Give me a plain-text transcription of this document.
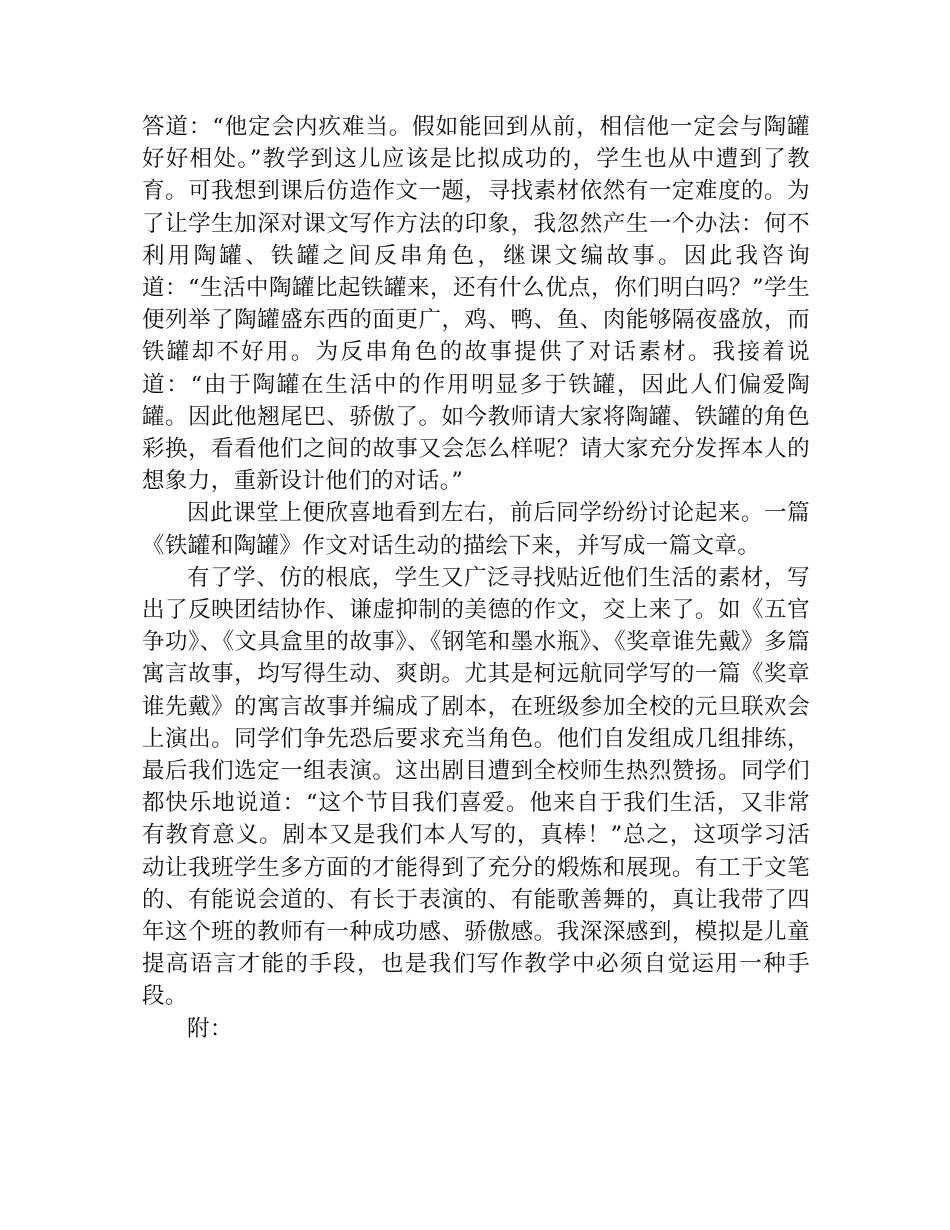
答道：“他定会内疚难当。假如能回到从前，相信他一定会与陶罐好好相处。”教学到这儿应该是比拟成功的，学生也从中遭到了教育。可我想到课后仿造作文一题，寻找素材依然有一定难度的。为了让学生加深对课文写作方法的印象，我忽然产生一个办法：何不利用陶罐、铁罐之间反串角色，继课文编故事。因此我咨询道：“生活中陶罐比起铁罐来，还有什么优点，你们明白吗？”学生便列举了陶罐盛东西的面更广，鸡、鸭、鱼、肉能够隔夜盛放，而铁罐却不好用。为反串角色的故事提供了对话素材。我接着说道：“由于陶罐在生活中的作用明显多于铁罐，因此人们偏爱陶罐。因此他翘尾巴、骄傲了。如今教师请大家将陶罐、铁罐的角色彩换，看看他们之间的故事又会怎么样呢？请大家充分发挥本人的想象力，重新设计他们的对话。”

因此课堂上便欣喜地看到左右，前后同学纷纷讨论起来。一篇《铁罐和陶罐》作文对话生动的描绘下来，并写成一篇文章。

有了学、仿的根底，学生又广泛寻找贴近他们生活的素材，写出了反映团结协作、谦虚抑制的美德的作文，交上来了。如《五官争功》、《文具盒里的故事》、《钢笔和墨水瓶》、《奖章谁先戴》多篇寓言故事，均写得生动、爽朗。尤其是柯远航同学写的一篇《奖章谁先戴》的寓言故事并编成了剧本，在班级参加全校的元旦联欢会上演出。同学们争先恐后要求充当角色。他们自发组成几组排练，最后我们选定一组表演。这出剧目遭到全校师生热烈赞扬。同学们都快乐地说道：“这个节目我们喜爱。他来自于我们生活，又非常有教育意义。剧本又是我们本人写的，真棒！”总之，这项学习活动让我班学生多方面的才能得到了充分的煅炼和展现。有工于文笔的、有能说会道的、有长于表演的、有能歌善舞的，真让我带了四年这个班的教师有一种成功感、骄傲感。我深深感到，模拟是儿童提高语言才能的手段，也是我们写作教学中必须自觉运用一种手段。

附：
